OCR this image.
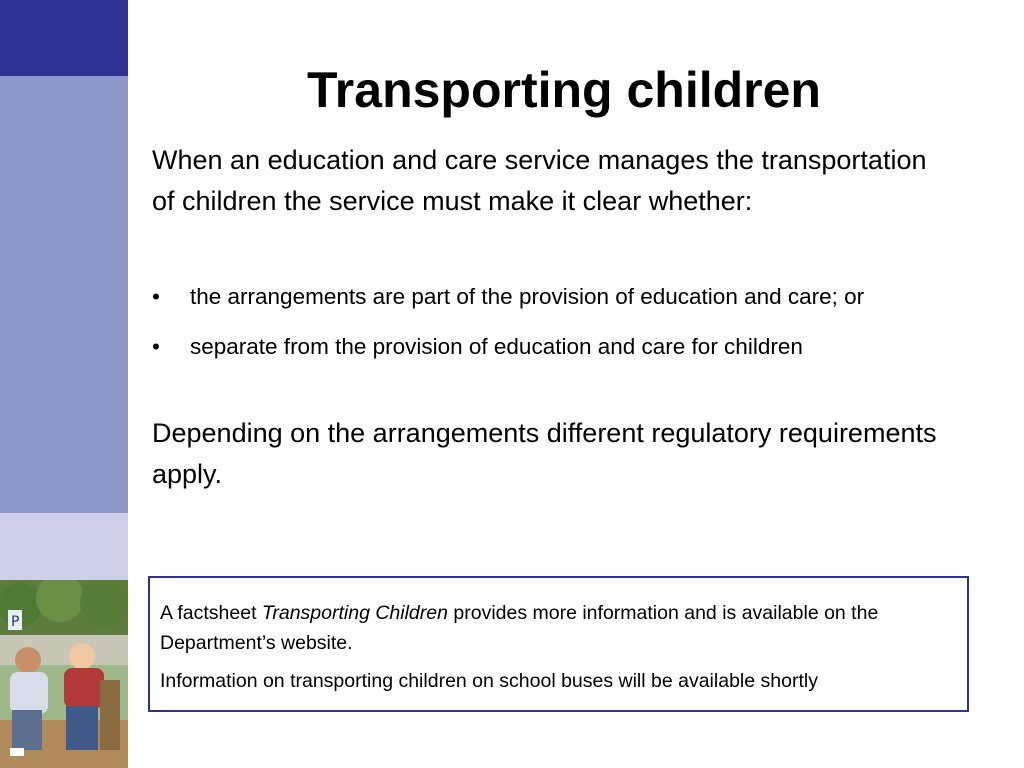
P
Transporting children
When an education and care service manages the transportation of children the service must make it clear whether:
• the arrangements are part of the provision of education and care; or
• separate from the provision of education and care for children
Depending on the arrangements different regulatory requirements apply.

A factsheet Transporting Children provides more information and is available on the Department’s website.

Information on transporting children on school buses will be available shortly
